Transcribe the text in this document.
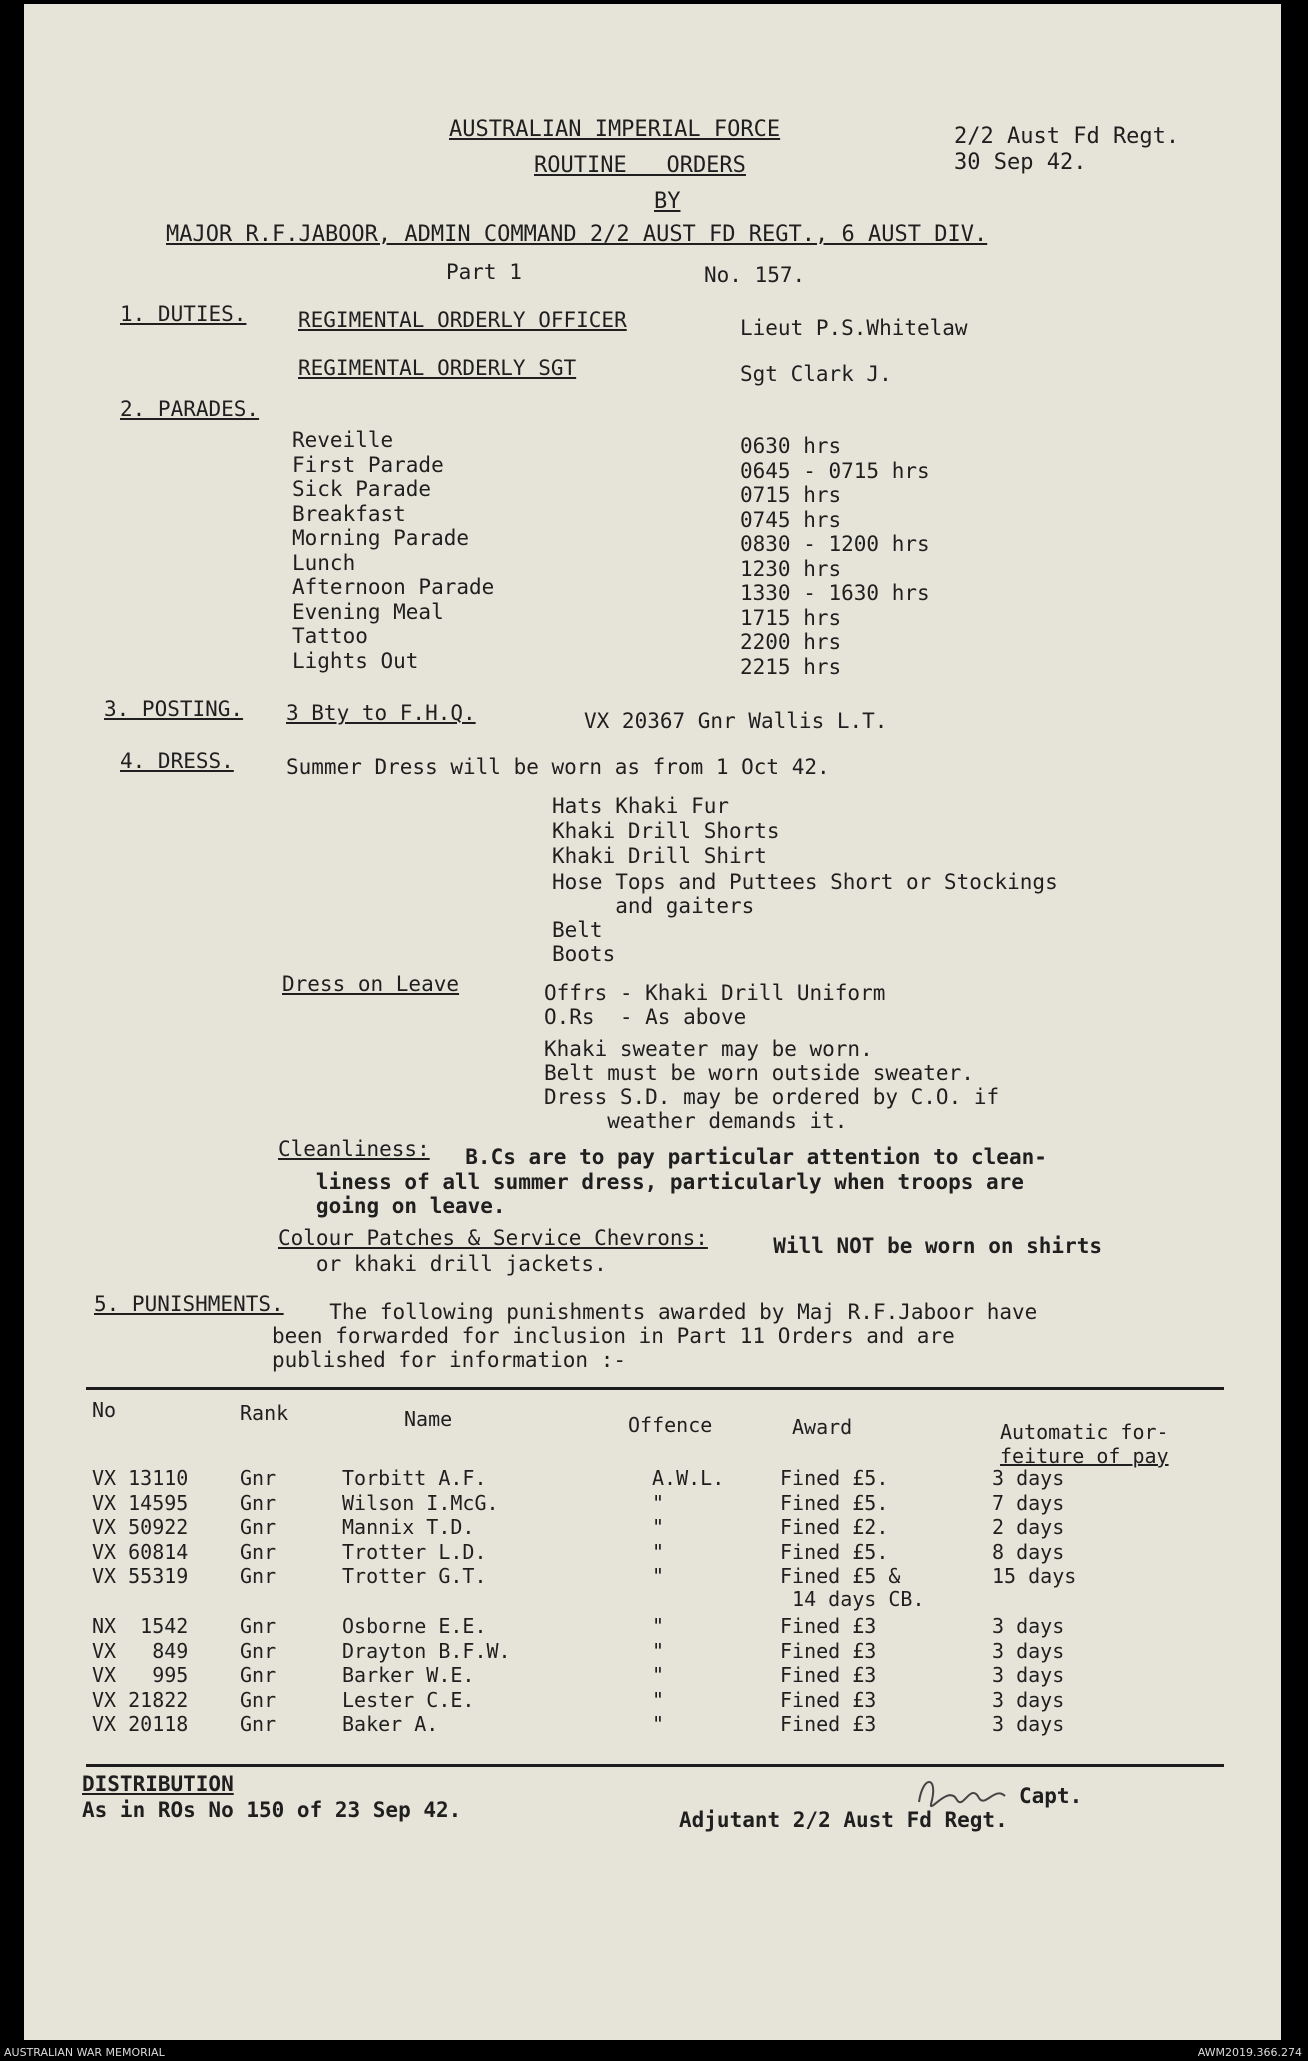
AUSTRALIAN IMPERIAL FORCE
ROUTINE   ORDERS
BY
2/2 Aust Fd Regt.
30 Sep 42.
MAJOR R.F.JABOOR, ADMIN COMMAND 2/2 AUST FD REGT., 6 AUST DIV.
Part 1	No. 157.
1. DUTIES. REGIMENTAL ORDERLY OFFICER	Lieut P.S.Whitelaw
REGIMENTAL ORDERLY SGT	Sgt Clark J.
2. PARADES.
Reveille	0630 hrs
First Parade	0645 - 0715 hrs
Sick Parade	0715 hrs
Breakfast	0745 hrs
Morning Parade	0830 - 1200 hrs
Lunch	1230 hrs
Afternoon Parade	1330 - 1630 hrs
Evening Meal	1715 hrs
Tattoo	2200 hrs
Lights Out	2215 hrs
3. POSTING. 3 Bty to F.H.Q.	VX 20367 Gnr Wallis L.T.
4. DRESS. Summer Dress will be worn as from 1 Oct 42.
Hats Khaki Fur
Khaki Drill Shorts
Khaki Drill Shirt
Hose Tops and Puttees Short or Stockings
and gaiters
Belt
Boots
Dress on Leave	Offrs - Khaki Drill Uniform
O.Rs  - As above
Khaki sweater may be worn.
Belt must be worn outside sweater.
Dress S.D. may be ordered by C.O. if
weather demands it.
Cleanliness: B.Cs are to pay particular attention to clean-
liness of all summer dress, particularly when troops are
going on leave.
Colour Patches & Service Chevrons: Will NOT be worn on shirts
or khaki drill jackets.
5. PUNISHMENTS. The following punishments awarded by Maj R.F.Jaboor have
been forwarded for inclusion in Part 11 Orders and are
published for information :-
No	Rank	Name	Offence	Award	Automatic for-
feiture of pay
VX 13110	Gnr	Torbitt A.F.	A.W.L.	Fined £5.	3 days
VX 14595	Gnr	Wilson I.McG.	"	Fined £5.	7 days
VX 50922	Gnr	Mannix T.D.	"	Fined £2.	2 days
VX 60814	Gnr	Trotter L.D.	"	Fined £5.	8 days
VX 55319	Gnr	Trotter G.T.	"	Fined £5 &	15 days
14 days CB.
NX  1542	Gnr	Osborne E.E.	"	Fined £3	3 days
VX   849	Gnr	Drayton B.F.W.	"	Fined £3	3 days
VX   995	Gnr	Barker W.E.	"	Fined £3	3 days
VX 21822	Gnr	Lester C.E.	"	Fined £3	3 days
VX 20118	Gnr	Baker A.	"	Fined £3	3 days
DISTRIBUTION
As in ROs No 150 of 23 Sep 42.
Capt.
Adjutant 2/2 Aust Fd Regt.
AUSTRALIAN WAR MEMORIAL	AWM2019.366.274
